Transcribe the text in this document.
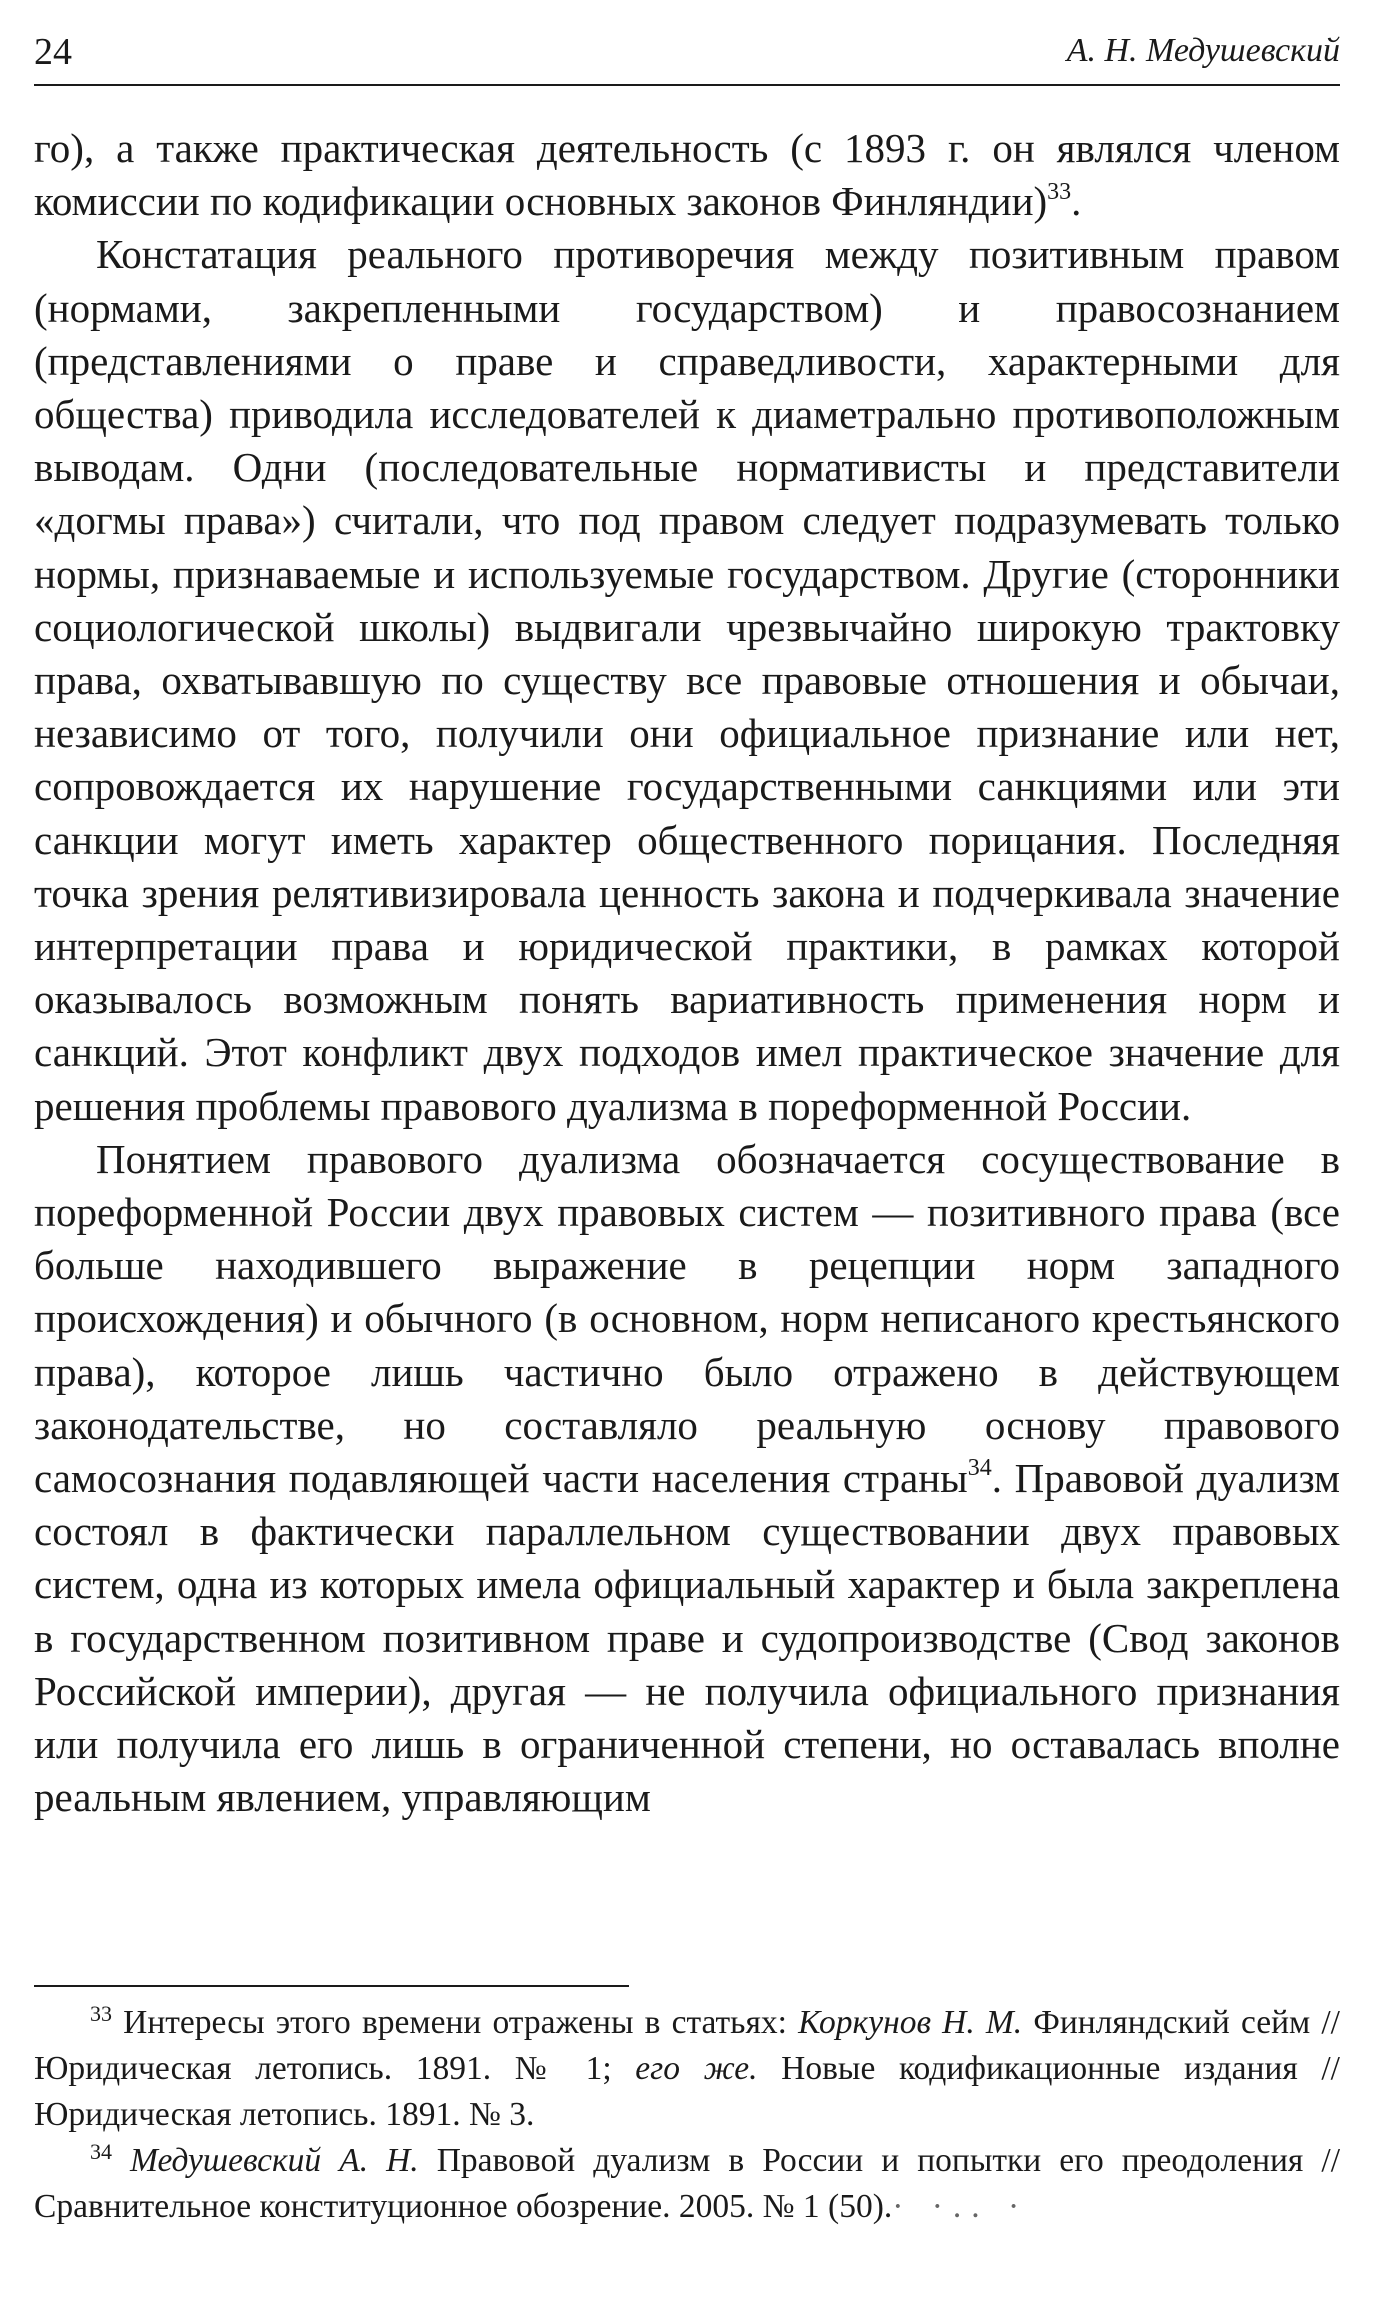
24	А. Н. Медушевский

го), а также практическая деятельность (с 1893 г. он являлся членом комиссии по кодификации основных законов Финляндии)$^{33}$.

Констатация реального противоречия между позитивным правом (нормами, закрепленными государством) и правосознанием (представлениями о праве и справедливости, характерными для общества) приводила исследователей к диаметрально противоположным выводам. Одни (последовательные нормативисты и представители «догмы права») считали, что под правом следует подразумевать только нормы, признаваемые и используемые государством. Другие (сторонники социологической школы) выдвигали чрезвычайно широкую трактовку права, охватывавшую по существу все правовые отношения и обычаи, независимо от того, получили они официальное признание или нет, сопровождается их нарушение государственными санкциями или эти санкции могут иметь характер общественного порицания. Последняя точка зрения релятивизировала ценность закона и подчеркивала значение интерпретации права и юридической практики, в рамках которой оказывалось возможным понять вариативность применения норм и санкций. Этот конфликт двух подходов имел практическое значение для решения проблемы правового дуализма в пореформенной России.

Понятием правового дуализма обозначается сосуществование в пореформенной России двух правовых систем — позитивного права (все больше находившего выражение в рецепции норм западного происхождения) и обычного (в основном, норм неписаного крестьянского права), которое лишь частично было отражено в действующем законодательстве, но составляло реальную основу правового самосознания подавляющей части населения страны$^{34}$. Правовой дуализм состоял в фактически параллельном существовании двух правовых систем, одна из которых имела официальный характер и была закреплена в государственном позитивном праве и судопроизводстве (Свод законов Российской империи), другая — не получила официального признания или получила его лишь в ограниченной степени, но оставалась вполне реальным явлением, управляющим

$^{33}$ Интересы этого времени отражены в статьях: Коркунов Н. М. Финляндский сейм // Юридическая летопись. 1891. № 1; его же. Новые кодификационные издания // Юридическая летопись. 1891. № 3.

$^{34}$ Медушевский А. Н. Правовой дуализм в России и попытки его преодоления // Сравнительное конституционное обозрение. 2005. № 1 (50).· ·.. ·
